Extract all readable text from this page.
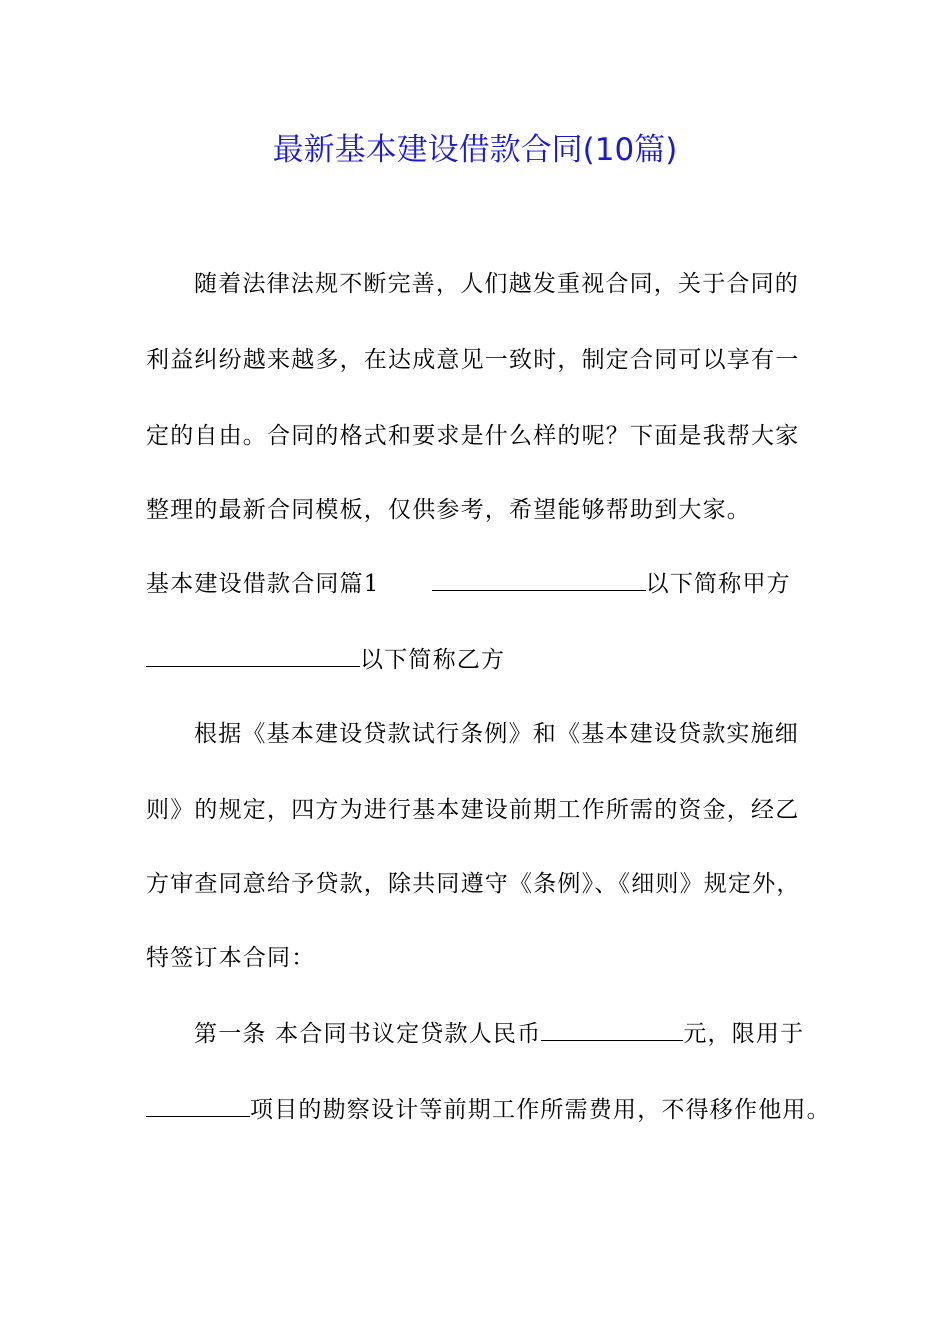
最新基本建设借款合同(10篇)
随着法律法规不断完善，人们越发重视合同，关于合同的
利益纠纷越来越多，在达成意见一致时，制定合同可以享有一
定的自由。合同的格式和要求是什么样的呢？下面是我帮大家
整理的最新合同模板，仅供参考，希望能够帮助到大家。
基本建设借款合同篇1	以下简称甲方
以下简称乙方
根据《基本建设贷款试行条例》和《基本建设贷款实施细
则》的规定，四方为进行基本建设前期工作所需的资金，经乙
方审查同意给予贷款，除共同遵守《条例》、《细则》规定外，
特签订本合同：
第一条 本合同书议定贷款人民币	元，限用于
项目的勘察设计等前期工作所需费用，不得移作他用。
